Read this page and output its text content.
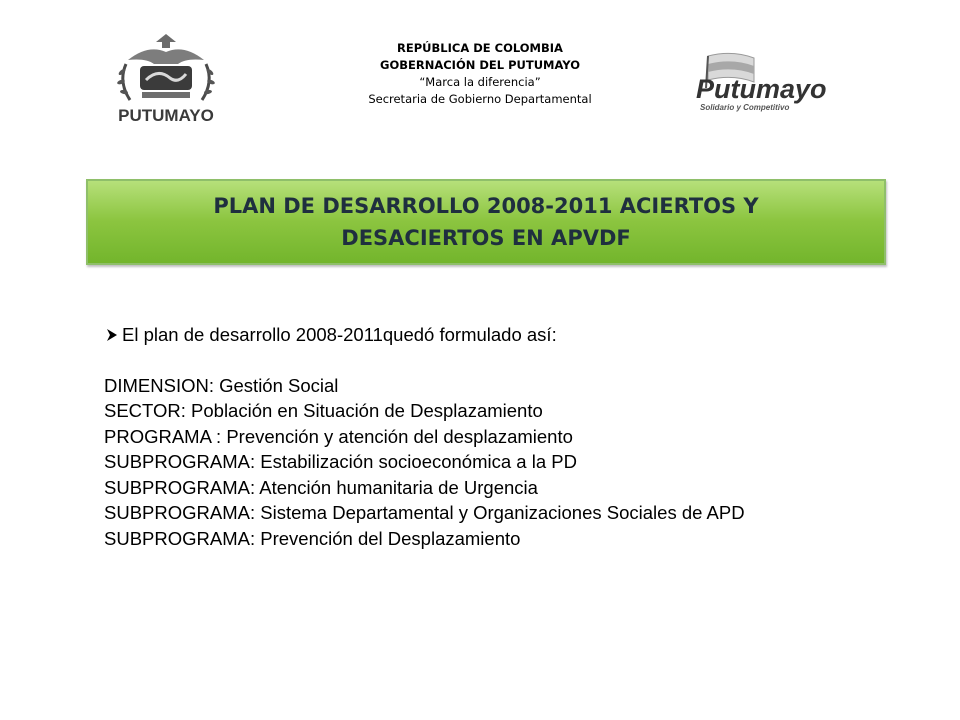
PUTUMAYO
REPÚBLICA DE COLOMBIA
GOBERNACIÓN DEL PUTUMAYO
“Marca la diferencia”
Secretaria de Gobierno Departamental	Putumayo
Solidario y Competitivo
PLAN DE DESARROLLO 2008-2011 ACIERTOS Y DESACIERTOS EN APVDF
El plan de desarrollo 2008-2011quedó formulado así:
DIMENSION: Gestión Social
SECTOR: Población en Situación de Desplazamiento
PROGRAMA : Prevención y atención del desplazamiento
SUBPROGRAMA: Estabilización socioeconómica a la PD
SUBPROGRAMA: Atención humanitaria de Urgencia
SUBPROGRAMA: Sistema Departamental y Organizaciones Sociales de APD
SUBPROGRAMA: Prevención del Desplazamiento
